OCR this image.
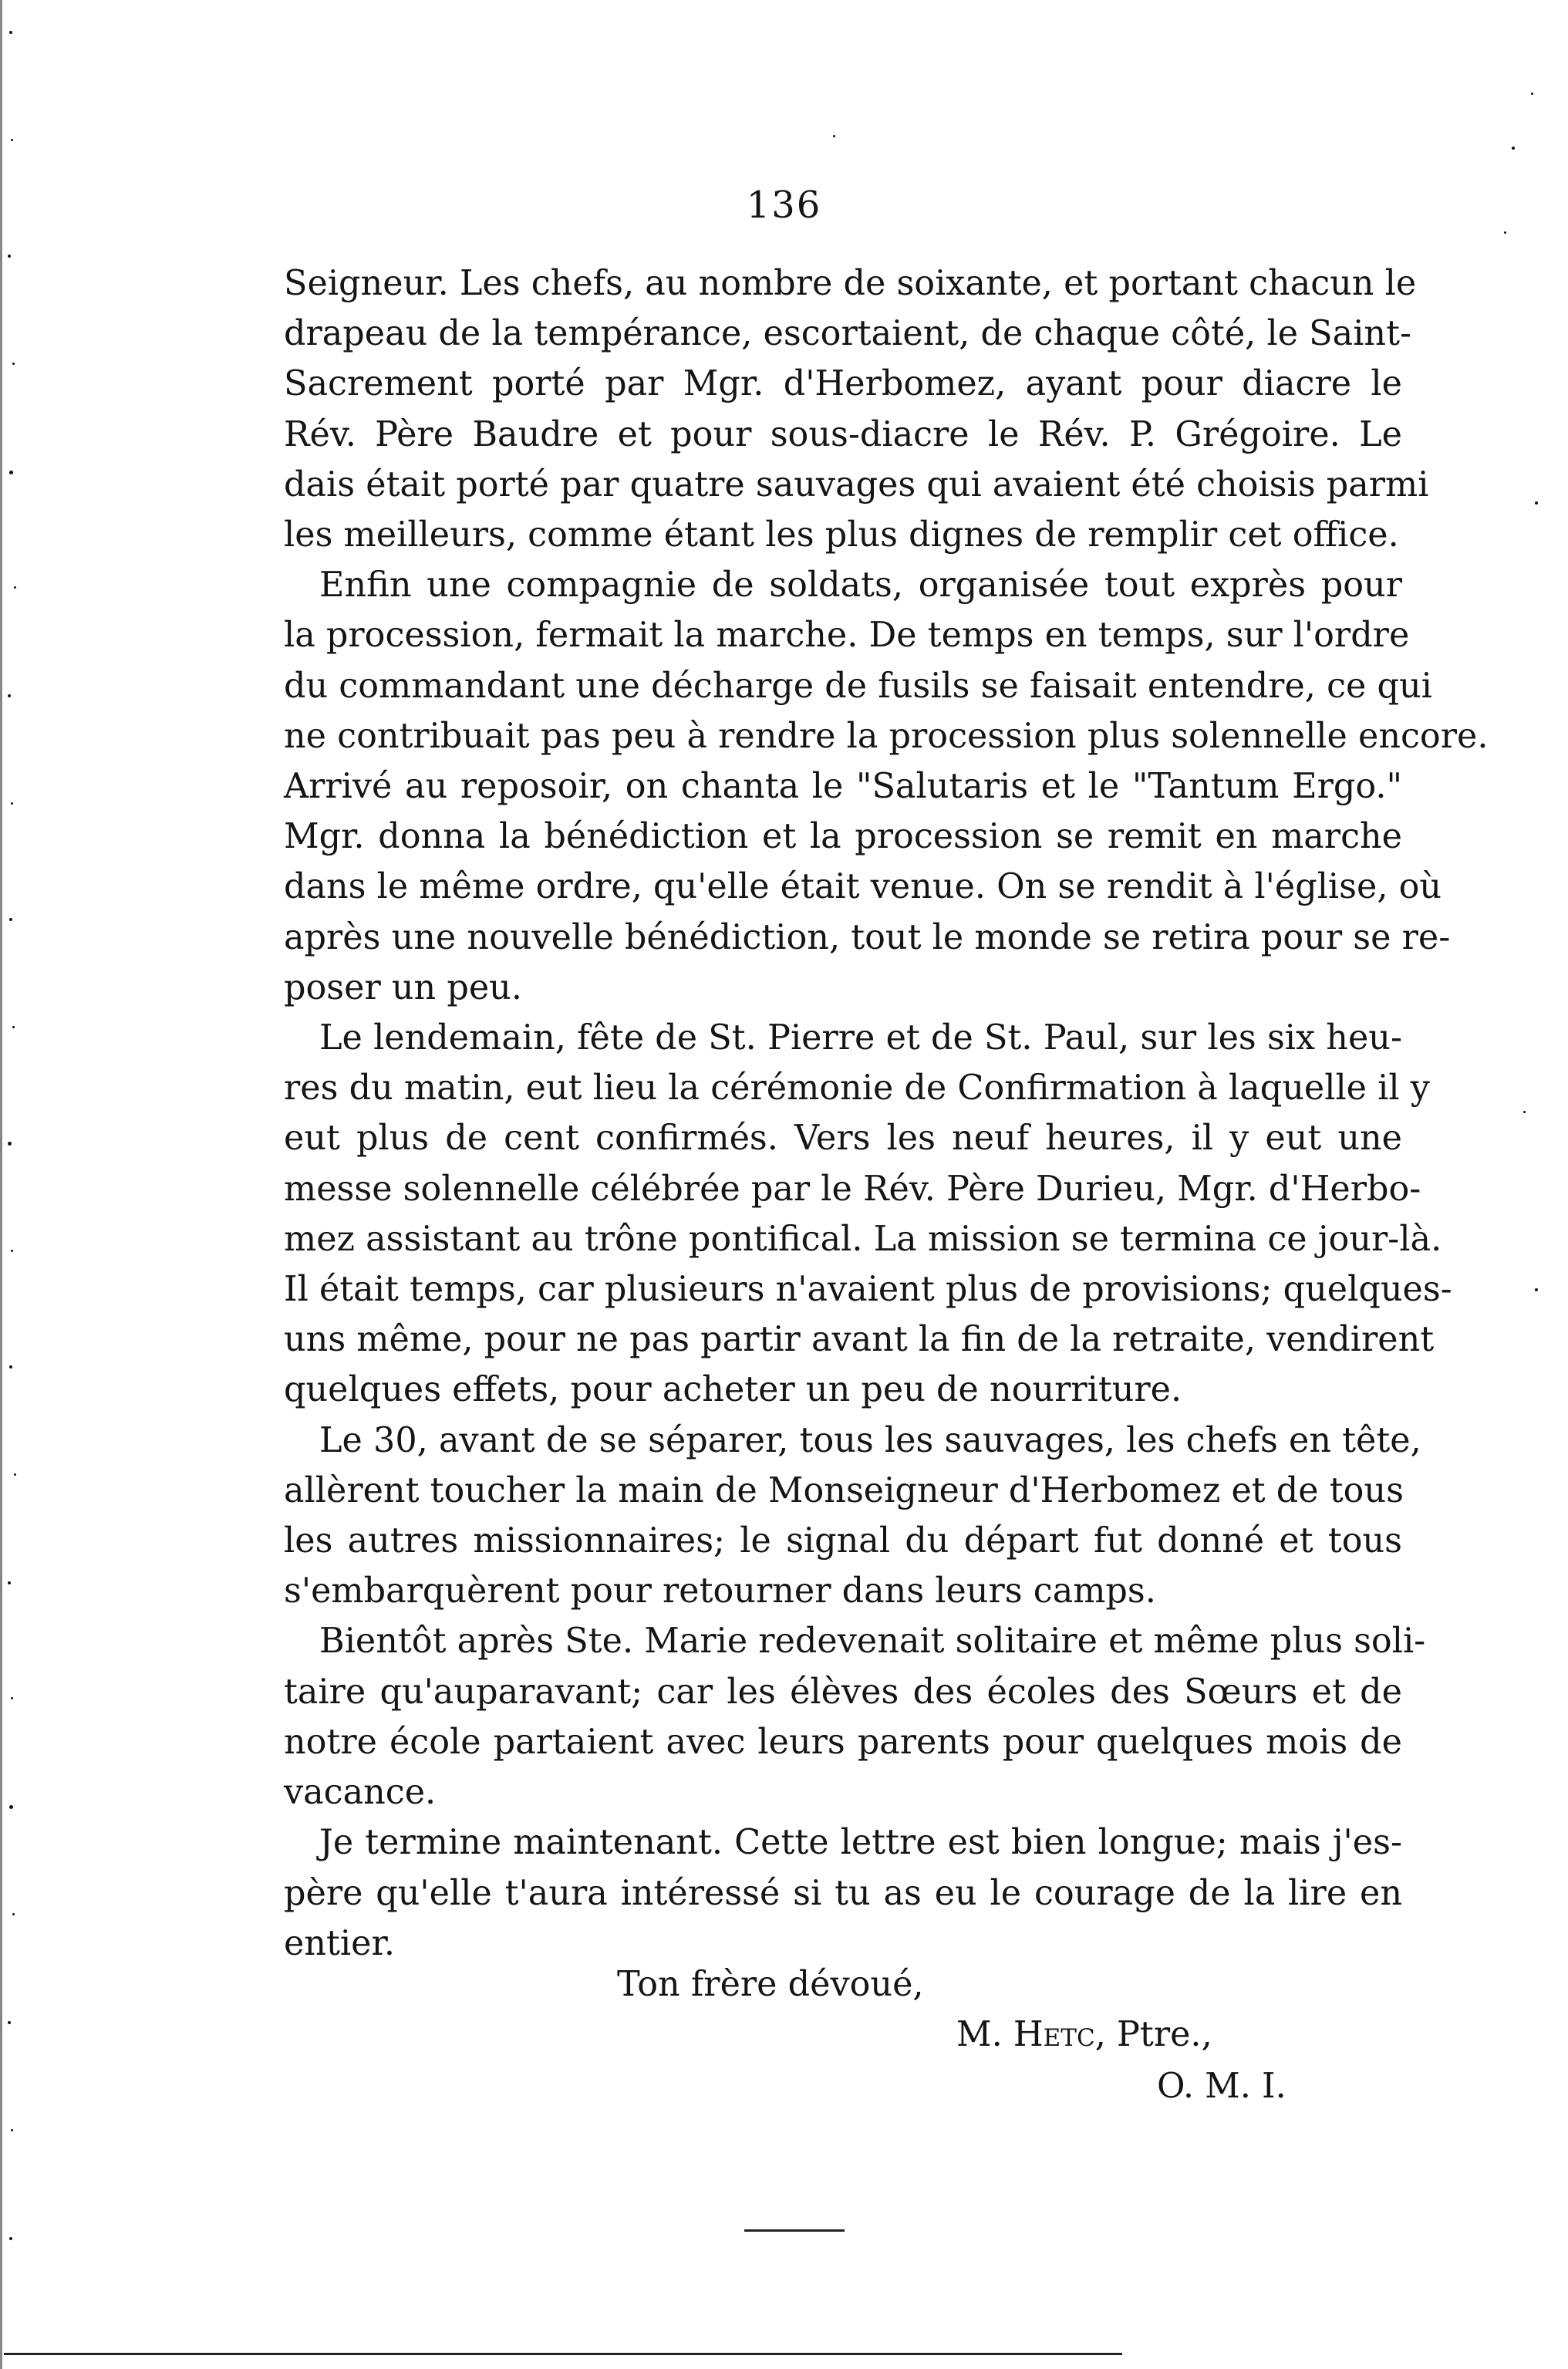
136
Seigneur. Les chefs, au nombre de soixante, et portant chacun le
drapeau de la tempérance, escortaient, de chaque côté, le Saint-
Sacrement porté par Mgr. d'Herbomez, ayant pour diacre le
Rév. Père Baudre et pour sous-diacre le Rév. P. Grégoire. Le
dais était porté par quatre sauvages qui avaient été choisis parmi
les meilleurs, comme étant les plus dignes de remplir cet office.
Enfin une compagnie de soldats, organisée tout exprès pour
la procession, fermait la marche. De temps en temps, sur l'ordre
du commandant une décharge de fusils se faisait entendre, ce qui
ne contribuait pas peu à rendre la procession plus solennelle encore.
Arrivé au reposoir, on chanta le "Salutaris et le "Tantum Ergo."
Mgr. donna la bénédiction et la procession se remit en marche
dans le même ordre, qu'elle était venue. On se rendit à l'église, où
après une nouvelle bénédiction, tout le monde se retira pour se re-
poser un peu.
Le lendemain, fête de St. Pierre et de St. Paul, sur les six heu-
res du matin, eut lieu la cérémonie de Confirmation à laquelle il y
eut plus de cent confirmés. Vers les neuf heures, il y eut une
messe solennelle célébrée par le Rév. Père Durieu, Mgr. d'Herbo-
mez assistant au trône pontifical. La mission se termina ce jour-là.
Il était temps, car plusieurs n'avaient plus de provisions; quelques-
uns même, pour ne pas partir avant la fin de la retraite, vendirent
quelques effets, pour acheter un peu de nourriture.
Le 30, avant de se séparer, tous les sauvages, les chefs en tête,
allèrent toucher la main de Monseigneur d'Herbomez et de tous
les autres missionnaires; le signal du départ fut donné et tous
s'embarquèrent pour retourner dans leurs camps.
Bientôt après Ste. Marie redevenait solitaire et même plus soli-
taire qu'auparavant; car les élèves des écoles des Sœurs et de
notre école partaient avec leurs parents pour quelques mois de
vacance.
Je termine maintenant. Cette lettre est bien longue; mais j'es-
père qu'elle t'aura intéressé si tu as eu le courage de la lire en
entier.
Ton frère dévoué,
M. Hetc, Ptre.,
O. M. I.
